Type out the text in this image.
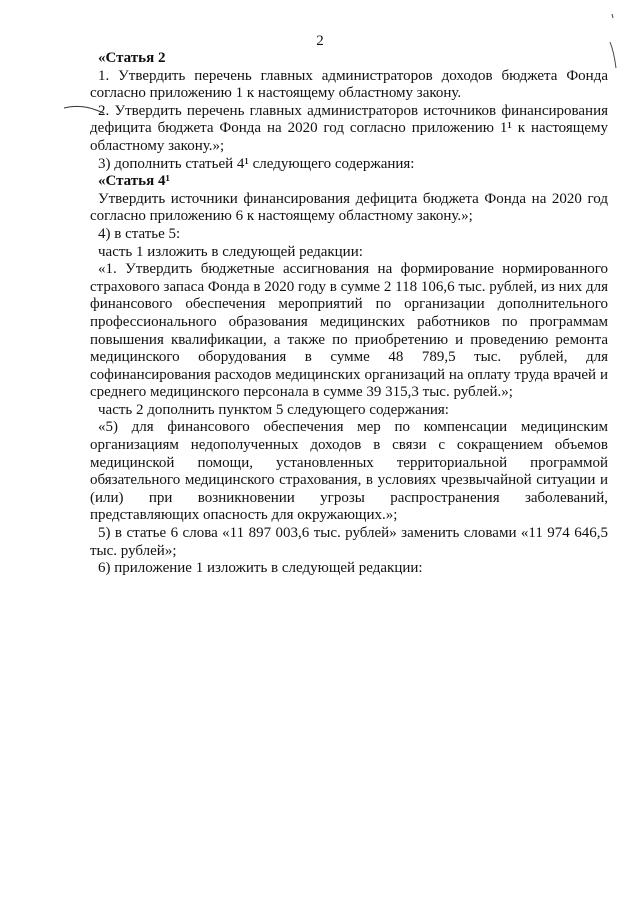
2

«Статья 2

1. Утвердить перечень главных администраторов доходов бюджета Фонда согласно приложению 1 к настоящему областному закону.

2. Утвердить перечень главных администраторов источников финансирования дефицита бюджета Фонда на 2020 год согласно приложению 1¹ к настоящему областному закону.»;

3) дополнить статьей 4¹ следующего содержания:

«Статья 4¹

Утвердить источники финансирования дефицита бюджета Фонда на 2020 год согласно приложению 6 к настоящему областному закону.»;

4) в статье 5:

часть 1 изложить в следующей редакции:

«1. Утвердить бюджетные ассигнования на формирование нормированного страхового запаса Фонда в 2020 году в сумме 2 118 106,6 тыс. рублей, из них для финансового обеспечения мероприятий по организации дополнительного профессионального образования медицинских работников по программам повышения квалификации, а также по приобретению и проведению ремонта медицинского оборудования в сумме 48 789,5 тыс. рублей, для софинансирования расходов медицинских организаций на оплату труда врачей и среднего медицинского персонала в сумме 39 315,3 тыс. рублей.»;

часть 2 дополнить пунктом 5 следующего содержания:

«5) для финансового обеспечения мер по компенсации медицинским организациям недополученных доходов в связи с сокращением объемов медицинской помощи, установленных территориальной программой обязательного медицинского страхования, в условиях чрезвычайной ситуации и (или) при возникновении угрозы распространения заболеваний, представляющих опасность для окружающих.»;

5) в статье 6 слова «11 897 003,6 тыс. рублей» заменить словами «11 974 646,5 тыс. рублей»;

6) приложение 1 изложить в следующей редакции:
